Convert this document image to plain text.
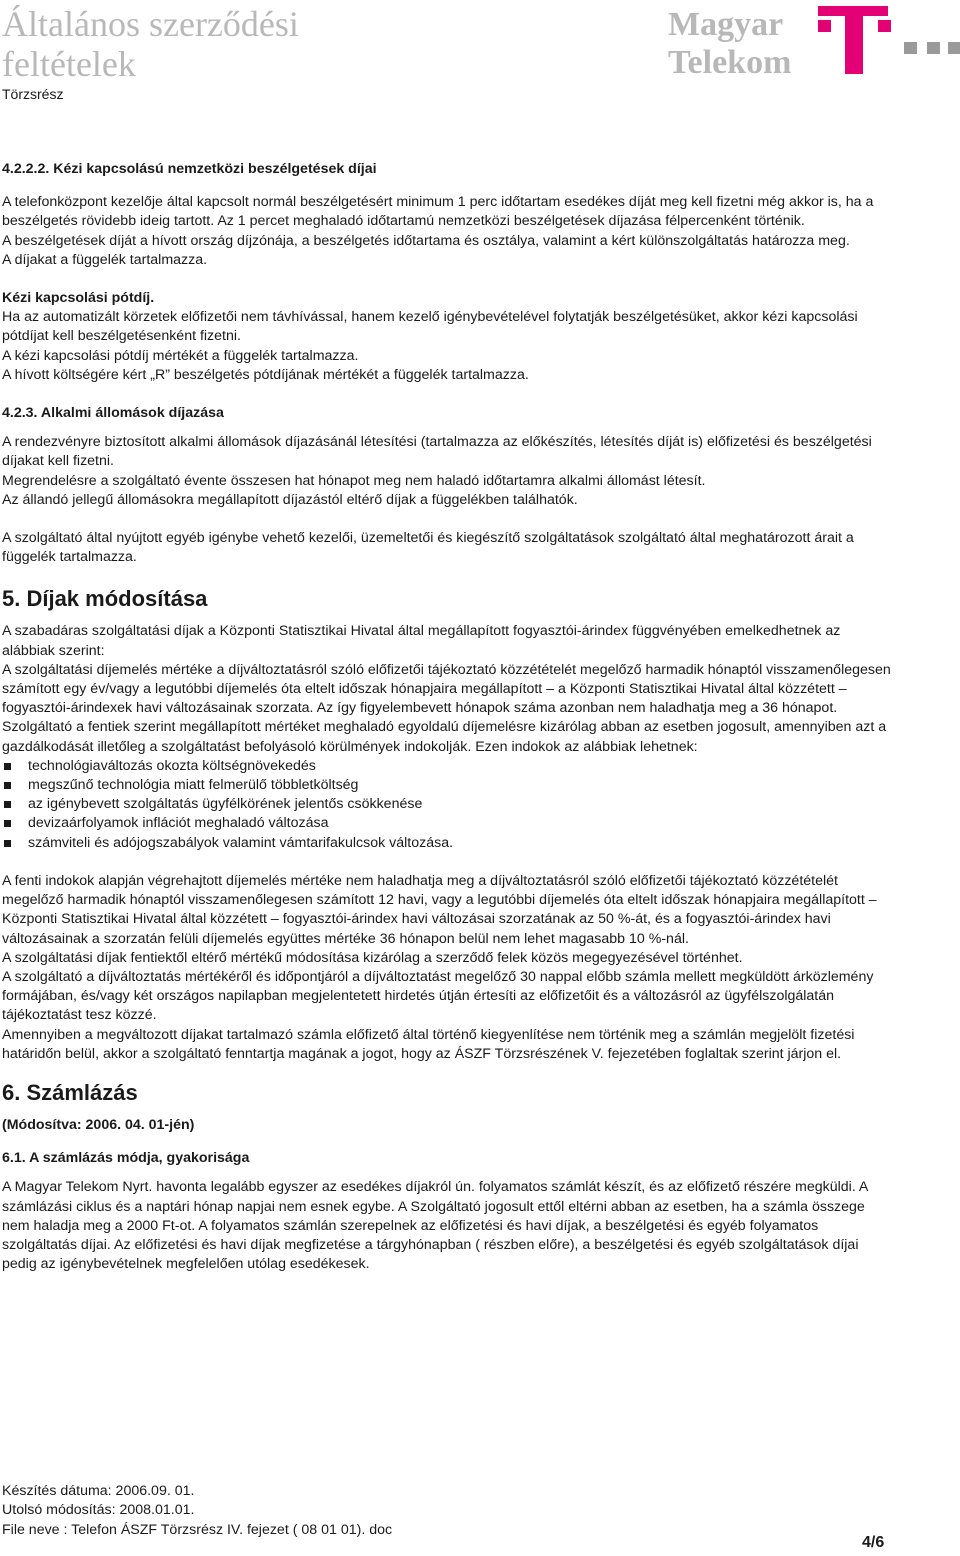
Általános szerződési
feltételek
Törzsrész
Magyar
Telekom

4.2.2.2. Kézi kapcsolású nemzetközi beszélgetések díjai

A telefonközpont kezelője által kapcsolt normál beszélgetésért minimum 1 perc időtartam esedékes díját meg kell fizetni még akkor is, ha a beszélgetés rövidebb ideig tartott. Az 1 percet meghaladó időtartamú nemzetközi beszélgetések díjazása félpercenként történik.

A beszélgetések díját a hívott ország díjzónája, a beszélgetés időtartama és osztálya, valamint a kért különszolgáltatás határozza meg.

A díjakat a függelék tartalmazza.

Kézi kapcsolási pótdíj.

Ha az automatizált körzetek előfizetői nem távhívással, hanem kezelő igénybevételével folytatják beszélgetésüket, akkor kézi kapcsolási pótdíjat kell beszélgetésenként fizetni.

A kézi kapcsolási pótdíj mértékét a függelék tartalmazza.

A hívott költségére kért „R” beszélgetés pótdíjának mértékét a függelék tartalmazza.

4.2.3. Alkalmi állomások díjazása

A rendezvényre biztosított alkalmi állomások díjazásánál létesítési (tartalmazza az előkészítés, létesítés díját is) előfizetési és beszélgetési díjakat kell fizetni.

Megrendelésre a szolgáltató évente összesen hat hónapot meg nem haladó időtartamra alkalmi állomást létesít.

Az állandó jellegű állomásokra megállapított díjazástól eltérő díjak a függelékben találhatók.

A szolgáltató által nyújtott egyéb igénybe vehető kezelői, üzemeltetői és kiegészítő szolgáltatások szolgáltató által meghatározott árait a függelék tartalmazza.

5. Díjak módosítása

A szabadáras szolgáltatási díjak a Központi Statisztikai Hivatal által megállapított fogyasztói-árindex függvényében emelkedhetnek az alábbiak szerint:

A szolgáltatási díjemelés mértéke a díjváltoztatásról szóló előfizetői tájékoztató közzétételét megelőző harmadik hónaptól visszamenőlegesen számított egy év/vagy a legutóbbi díjemelés óta eltelt időszak hónapjaira megállapított – a Központi Statisztikai Hivatal által közzétett – fogyasztói-árindexek havi változásainak szorzata. Az így figyelembevett hónapok száma azonban nem haladhatja meg a 36 hónapot.

Szolgáltató a fentiek szerint megállapított mértéket meghaladó egyoldalú díjemelésre kizárólag abban az esetben jogosult, amennyiben azt a gazdálkodását illetőleg a szolgáltatást befolyásoló körülmények indokolják. Ezen indokok az alábbiak lehetnek:

technológiaváltozás okozta költségnövekedés
megszűnő technológia miatt felmerülő többletköltség
az igénybevett szolgáltatás ügyfélkörének jelentős csökkenése
devizaárfolyamok inflációt meghaladó változása
számviteli és adójogszabályok valamint vámtarifakulcsok változása.

A fenti indokok alapján végrehajtott díjemelés mértéke nem haladhatja meg a díjváltoztatásról szóló előfizetői tájékoztató közzétételét megelőző harmadik hónaptól visszamenőlegesen számított 12 havi, vagy a legutóbbi díjemelés óta eltelt időszak hónapjaira megállapított – Központi Statisztikai Hivatal által közzétett – fogyasztói-árindex havi változásai szorzatának az 50 %-át, és a fogyasztói-árindex havi változásainak a szorzatán felüli díjemelés együttes mértéke 36 hónapon belül nem lehet magasabb 10 %-nál.

A szolgáltatási díjak fentiektől eltérő mértékű módosítása kizárólag a szerződő felek közös megegyezésével történhet.

A szolgáltató a díjváltoztatás mértékéről és időpontjáról a díjváltoztatást megelőző 30 nappal előbb számla mellett megküldött árközlemény formájában, és/vagy két országos napilapban megjelentetett hirdetés útján értesíti az előfizetőit és a változásról az ügyfélszolgálatán tájékoztatást tesz közzé.

Amennyiben a megváltozott díjakat tartalmazó számla előfizető által történő kiegyenlítése nem történik meg a számlán megjelölt fizetési határidőn belül, akkor a szolgáltató fenntartja magának a jogot, hogy az ÁSZF Törzsrészének V. fejezetében foglaltak szerint járjon el.

6. Számlázás

(Módosítva: 2006. 04. 01-jén)

6.1. A számlázás módja, gyakorisága

A Magyar Telekom Nyrt. havonta legalább egyszer az esedékes díjakról ún. folyamatos számlát készít, és az előfizető részére megküldi. A számlázási ciklus és a naptári hónap napjai nem esnek egybe. A Szolgáltató jogosult ettől eltérni abban az esetben, ha a számla összege nem haladja meg a 2000 Ft-ot. A folyamatos számlán szerepelnek az előfizetési és havi díjak, a beszélgetési és egyéb folyamatos szolgáltatás díjai. Az előfizetési és havi díjak megfizetése a tárgyhónapban ( részben előre), a beszélgetési és egyéb szolgáltatások díjai pedig az igénybevételnek megfelelően utólag esedékesek.

Készítés dátuma: 2006.09. 01.

Utolsó módosítás: 2008.01.01.

File neve : Telefon ÁSZF Törzsrész IV. fejezet ( 08 01 01). doc

4/6
